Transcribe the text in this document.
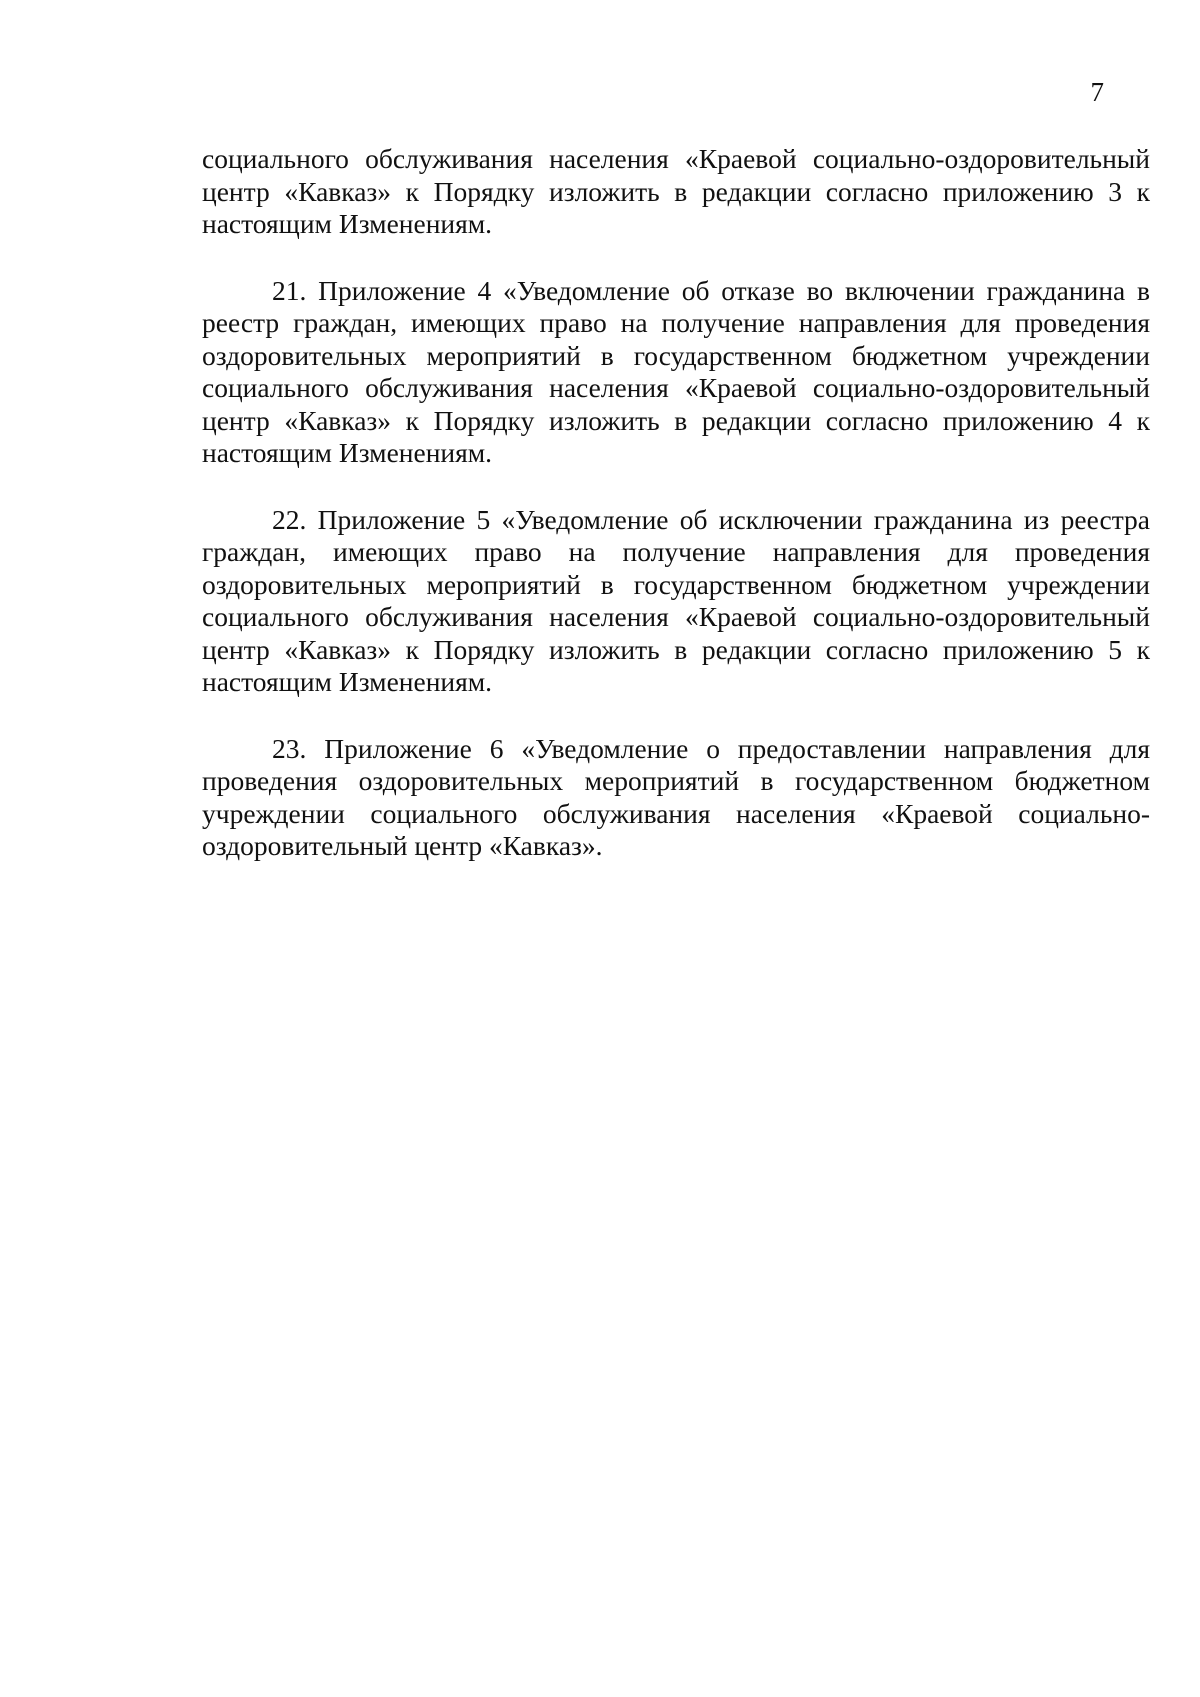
7

социального обслуживания населения «Краевой социально-оздоровительный
центр «Кавказ» к Порядку изложить в редакции согласно приложению 3 к
настоящим Изменениям.

21. Приложение 4 «Уведомление об отказе во включении гражданина в
реестр граждан, имеющих право на получение направления для проведения
оздоровительных мероприятий в государственном бюджетном учреждении
социального обслуживания населения «Краевой социально-оздоровительный
центр «Кавказ» к Порядку изложить в редакции согласно приложению 4 к
настоящим Изменениям.

22. Приложение 5 «Уведомление об исключении гражданина из реестра
граждан, имеющих право на получение направления для проведения
оздоровительных мероприятий в государственном бюджетном учреждении
социального обслуживания населения «Краевой социально-оздоровительный
центр «Кавказ» к Порядку изложить в редакции согласно приложению 5 к
настоящим Изменениям.

23. Приложение 6 «Уведомление о предоставлении направления для
проведения оздоровительных мероприятий в государственном бюджетном
учреждении социального обслуживания населения «Краевой социально-
оздоровительный центр «Кавказ».
